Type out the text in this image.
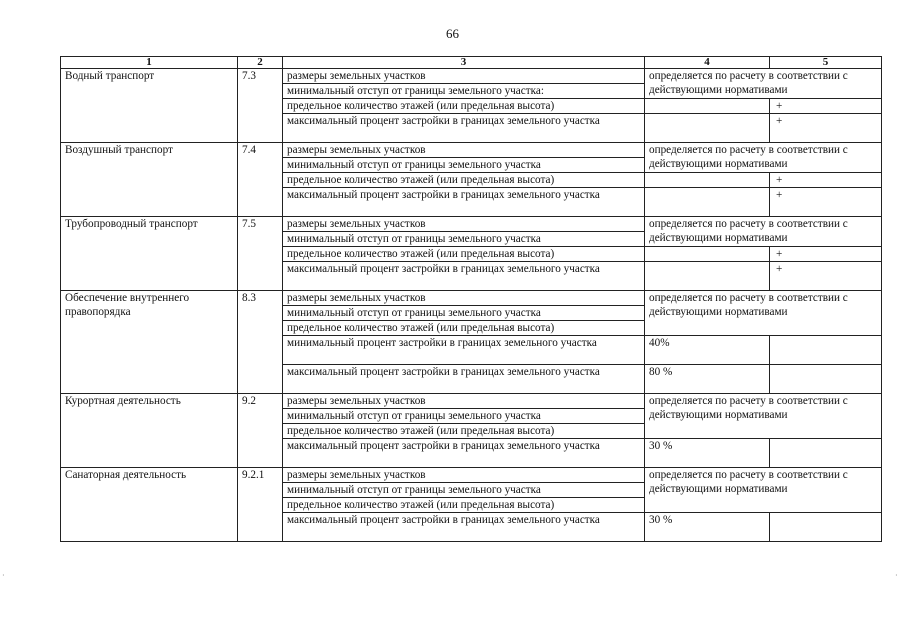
66
1	2	3	4	5
Водный транспорт	7.3	размеры земельных участков	определяется по расчету в соответствии с действующими нормативами	
		минимальный отступ от границы земельного участка:		
		предельное количество этажей (или предельная высота)		+
		максимальный процент застройки в границах земельного участка		+
Воздушный транспорт	7.4	размеры земельных участков	определяется по расчету в соответствии с действующими нормативами	
		минимальный отступ от границы земельного участка		
		предельное количество этажей (или предельная высота)		+
		максимальный процент застройки в границах земельного участка		+
Трубопроводный транспорт	7.5	размеры земельных участков	определяется по расчету в соответствии с действующими нормативами	
		минимальный отступ от границы земельного участка		
		предельное количество этажей (или предельная высота)		+
		максимальный процент застройки в границах земельного участка		+
Обеспечение внутреннего правопорядка	8.3	размеры земельных участков	определяется по расчету в соответствии с действующими нормативами	
		минимальный отступ от границы земельного участка		
		предельное количество этажей (или предельная высота)		
		минимальный процент застройки в границах земельного участка	40%	
		максимальный процент застройки в границах земельного участка	80 %	
Курортная деятельность	9.2	размеры земельных участков	определяется по расчету в соответствии с действующими нормативами	
		минимальный отступ от границы земельного участка		
		предельное количество этажей (или предельная высота)		
		максимальный процент застройки в границах земельного участка	30 %	
Санаторная деятельность	9.2.1	размеры земельных участков	определяется по расчету в соответствии с действующими нормативами	
		минимальный отступ от границы земельного участка		
		предельное количество этажей (или предельная высота)		
		максимальный процент застройки в границах земельного участка	30 %	
·	·
